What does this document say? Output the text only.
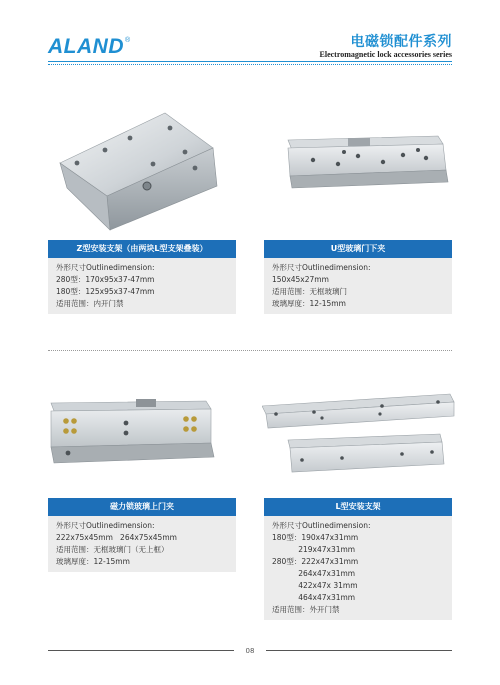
ALAND®	电磁锁配件系列
Electromagnetic lock accessories series
Z型安装支架（由两块L型支架叠装）
外形尺寸Outlinedimension:
280型：170x95x37-47mm
180型：125x95x37-47mm
适用范围：内开门禁
U型玻璃门下夹
外形尺寸Outlinedimension:
150x45x27mm
适用范围：无框玻璃门
玻璃厚度：12-15mm
磁力锁玻璃上门夹
外形尺寸Outlinedimension:
222x75x45mm   264x75x45mm
适用范围：无框玻璃门（无上框）
玻璃厚度：12-15mm
L型安装支架
外形尺寸Outlinedimension:
180型：190x47x31mm
219x47x31mm
280型：222x47x31mm
264x47x31mm
422x47x 31mm
464x47x31mm
适用范围：外开门禁
08
